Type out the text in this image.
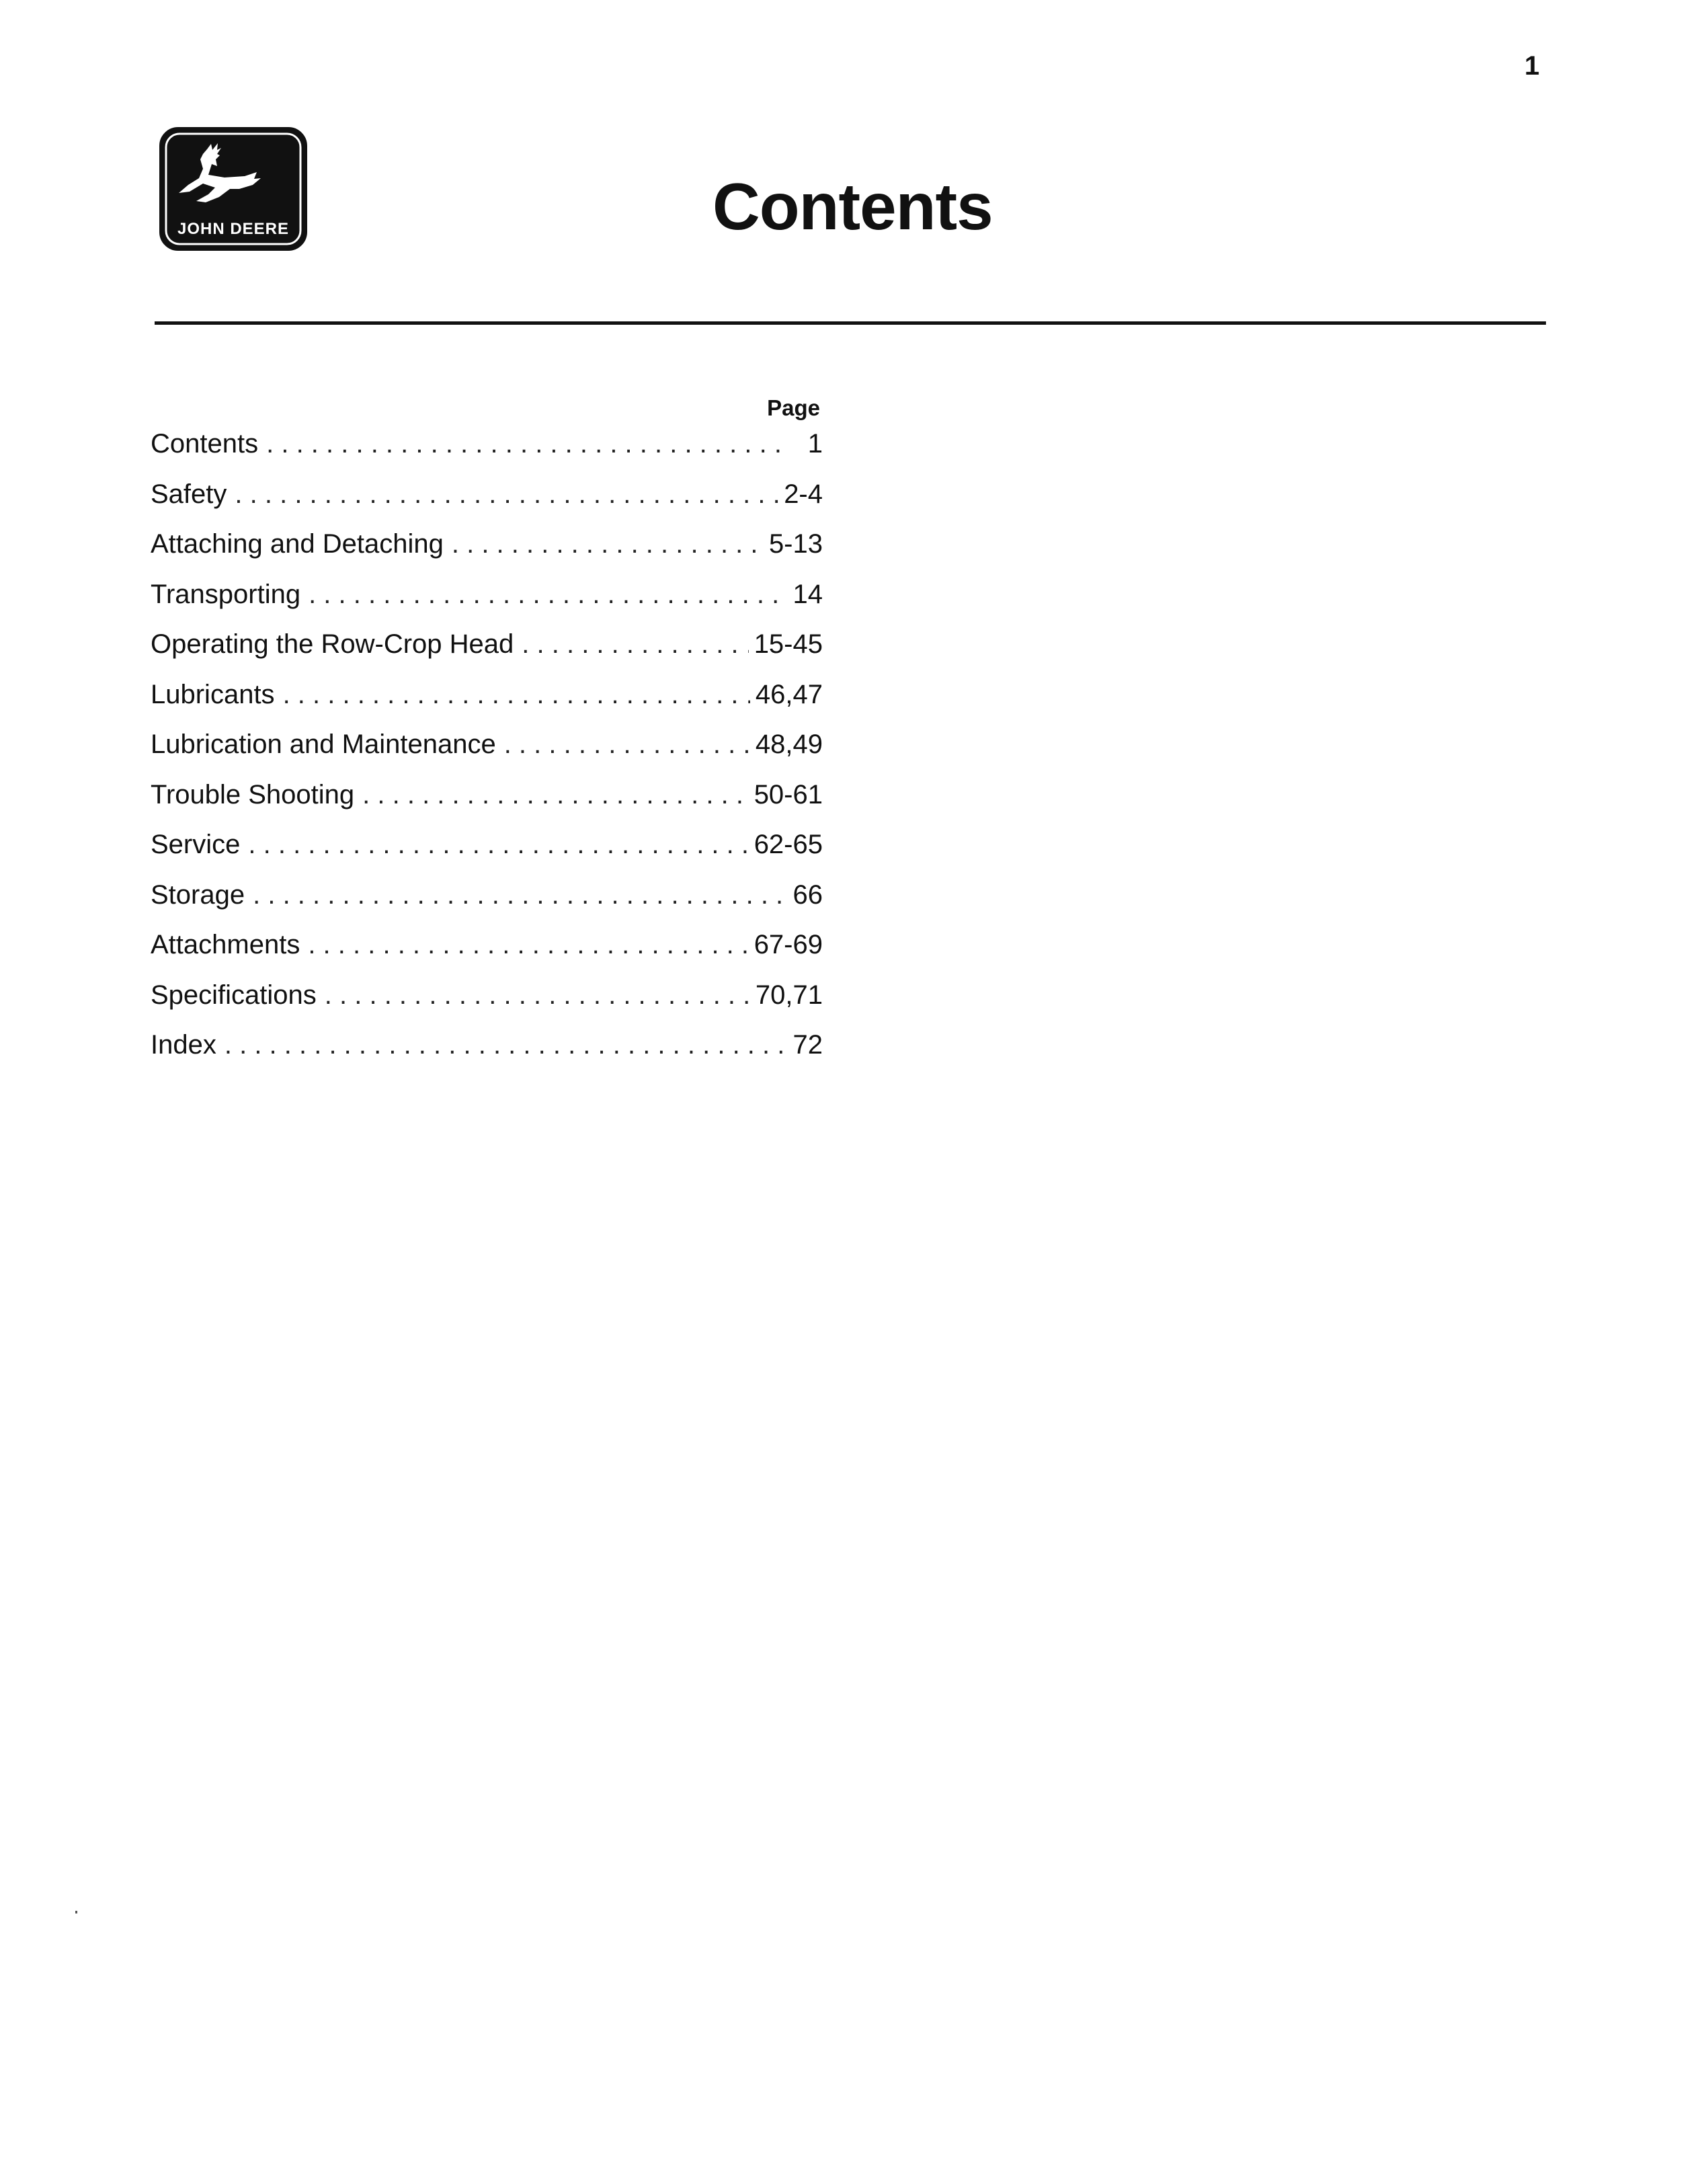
1
JOHN DEERE	Contents
Page
Contents . . .	1
Safety . . .	2-4
Attaching and Detaching . . .	5-13
Transporting . . .	14
Operating the Row-Crop Head . . .	15-45
Lubricants . . .	46,47
Lubrication and Maintenance . . .	48,49
Trouble Shooting . . .	50-61
Service . . .	62-65
Storage . . .	66
Attachments . . .	67-69
Specifications . . .	70,71
Index . . .	72
